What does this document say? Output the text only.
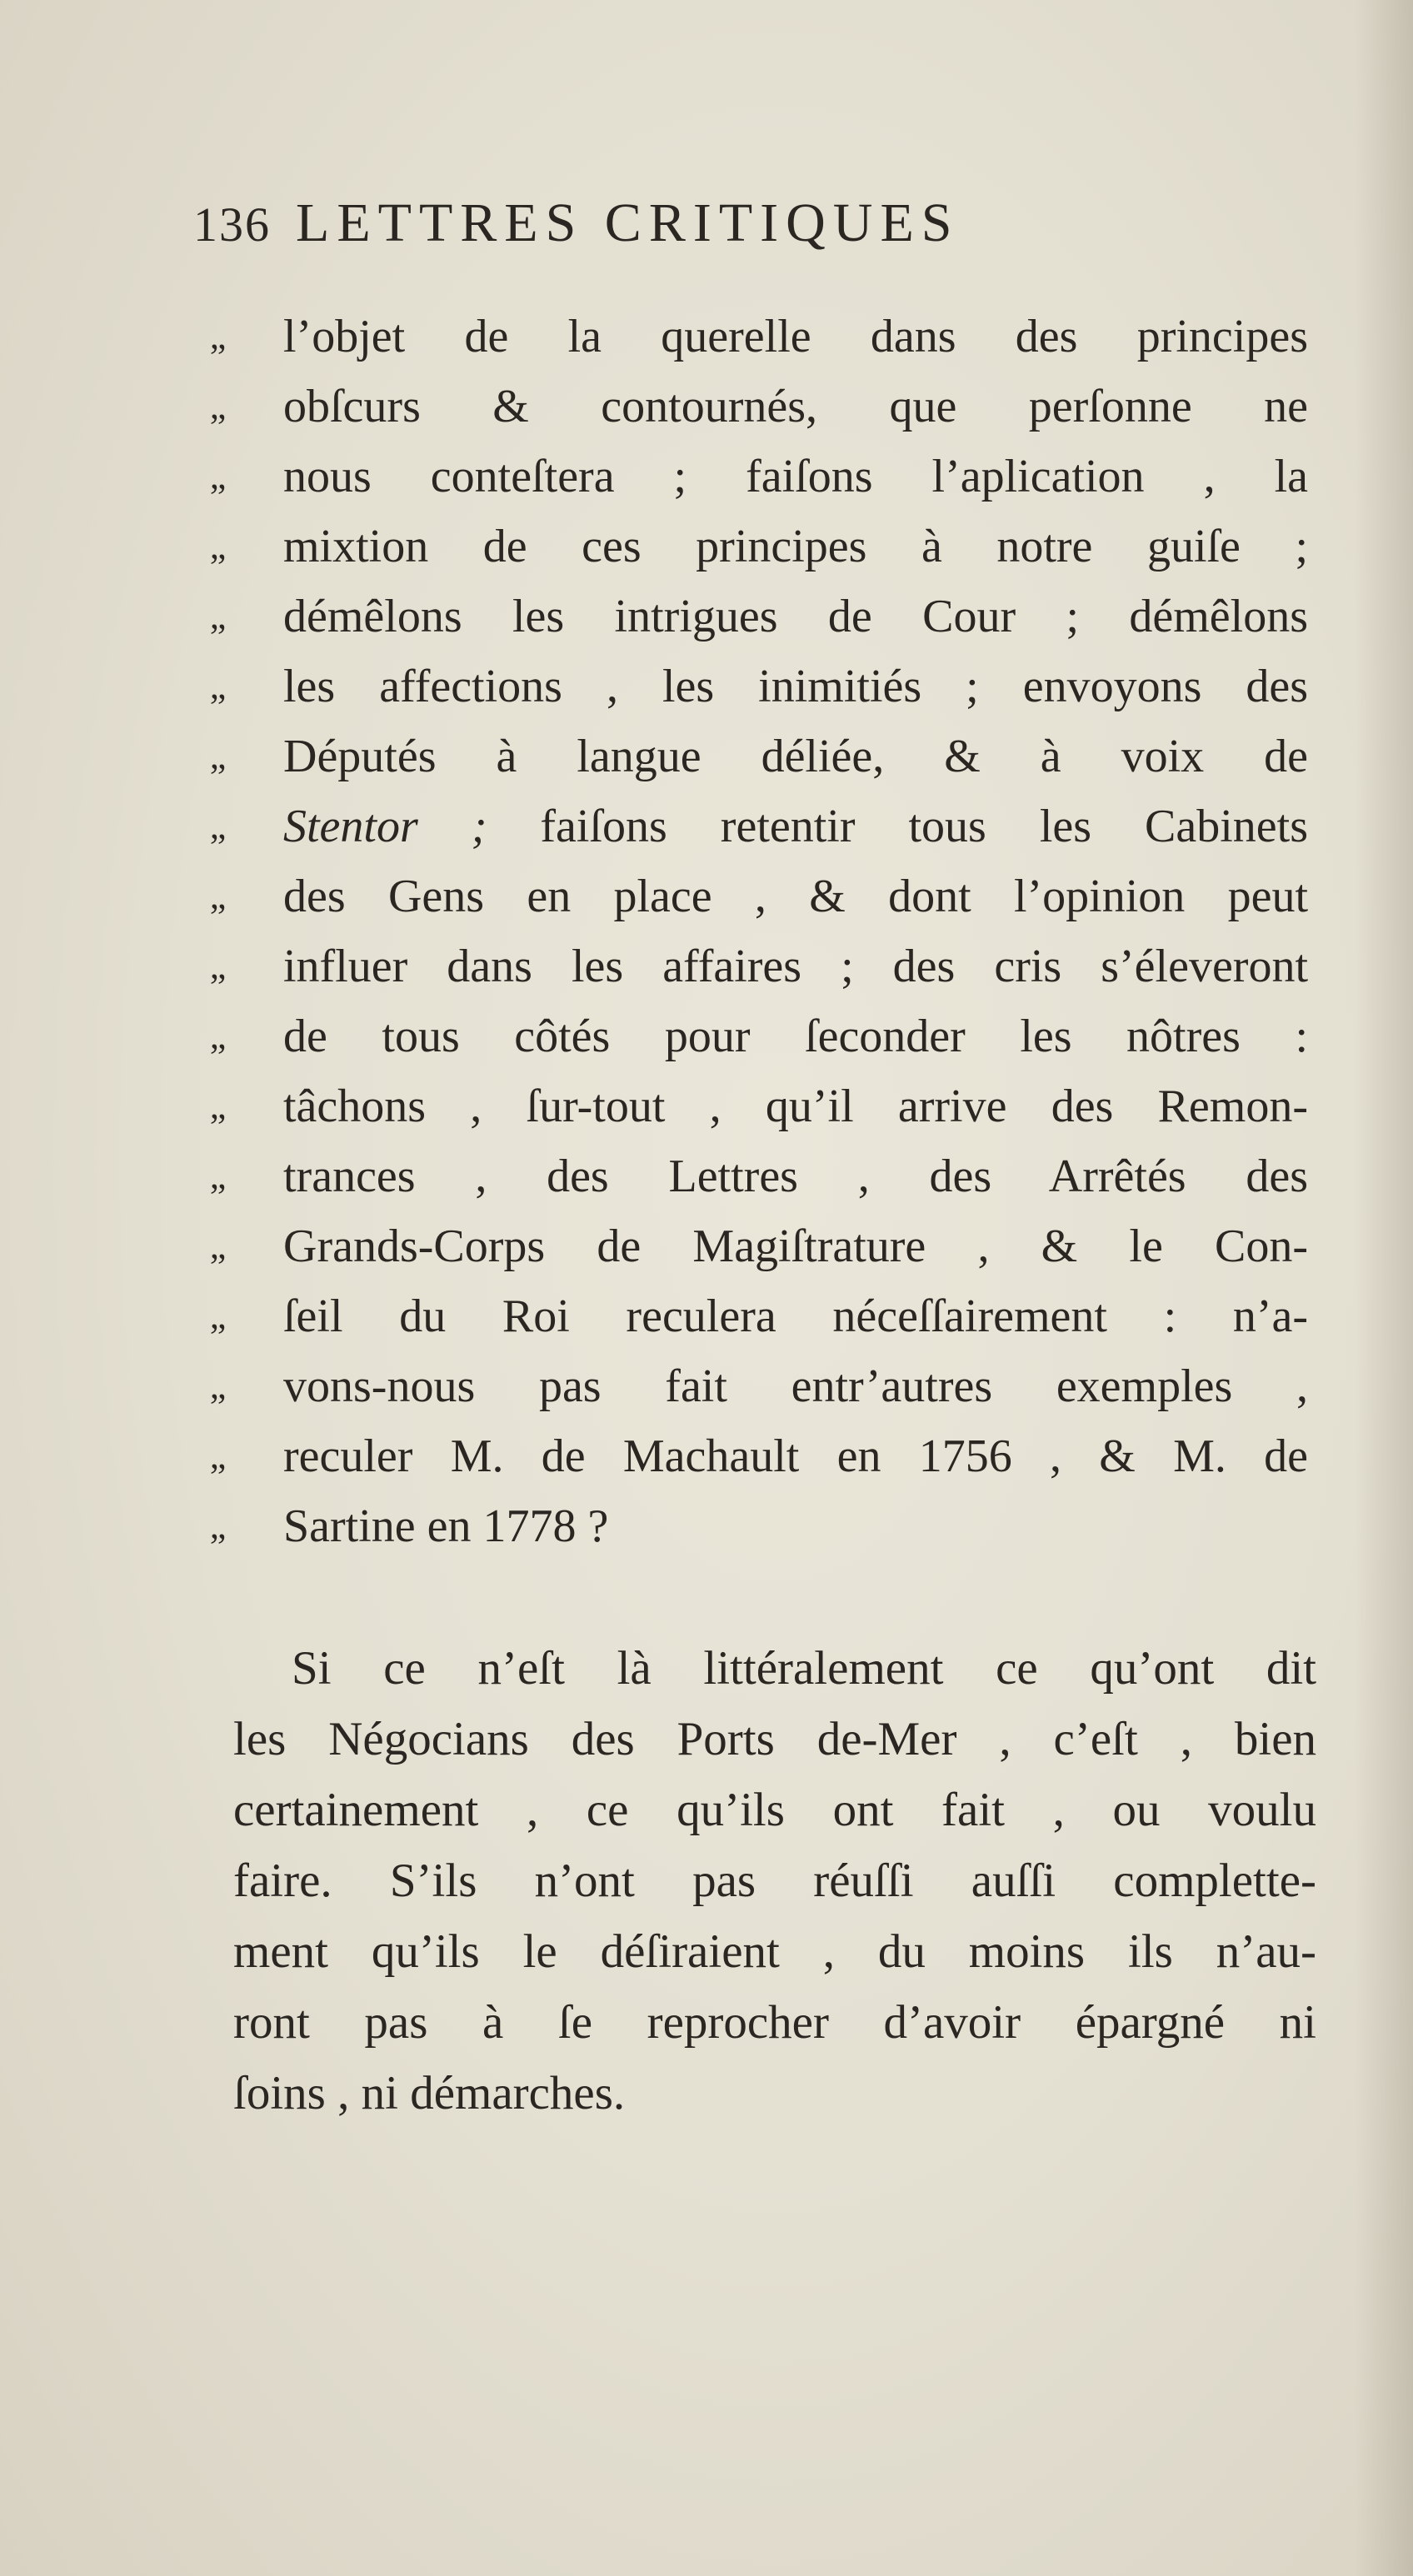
136 LETTRES CRITIQUES
,,	l’objet de la querelle dans des principes
,,	obſcurs & contournés, que perſonne ne
,,	nous conteſtera ; faiſons l’aplication , la
,,	mixtion de ces principes à notre guiſe ;
,,	démêlons les intrigues de Cour ; démêlons
,,	les affections , les inimitiés ; envoyons des
,,	Députés à langue déliée, & à voix de
,,	Stentor ; faiſons retentir tous les Cabinets
,,	des Gens en place , & dont l’opinion peut
,,	influer dans les affaires ; des cris s’éleveront
,,	de tous côtés pour ſeconder les nôtres :
,,	tâchons , ſur-tout , qu’il arrive des Remon-
,,	trances , des Lettres , des Arrêtés des
,,	Grands-Corps de Magiſtrature , & le Con-
,,	ſeil du Roi reculera néceſſairement : n’a-
,,	vons-nous pas fait entr’autres exemples ,
,,	reculer M. de Machault en 1756 , & M. de
,,	Sartine en 1778 ?
Si ce n’eſt là littéralement ce qu’ont dit
les Négocians des Ports de-Mer , c’eſt , bien
certainement , ce qu’ils ont fait , ou voulu
faire. S’ils n’ont pas réuſſi auſſi complette-
ment qu’ils le déſiraient , du moins ils n’au-
ront pas à ſe reprocher d’avoir épargné ni
ſoins , ni démarches.
